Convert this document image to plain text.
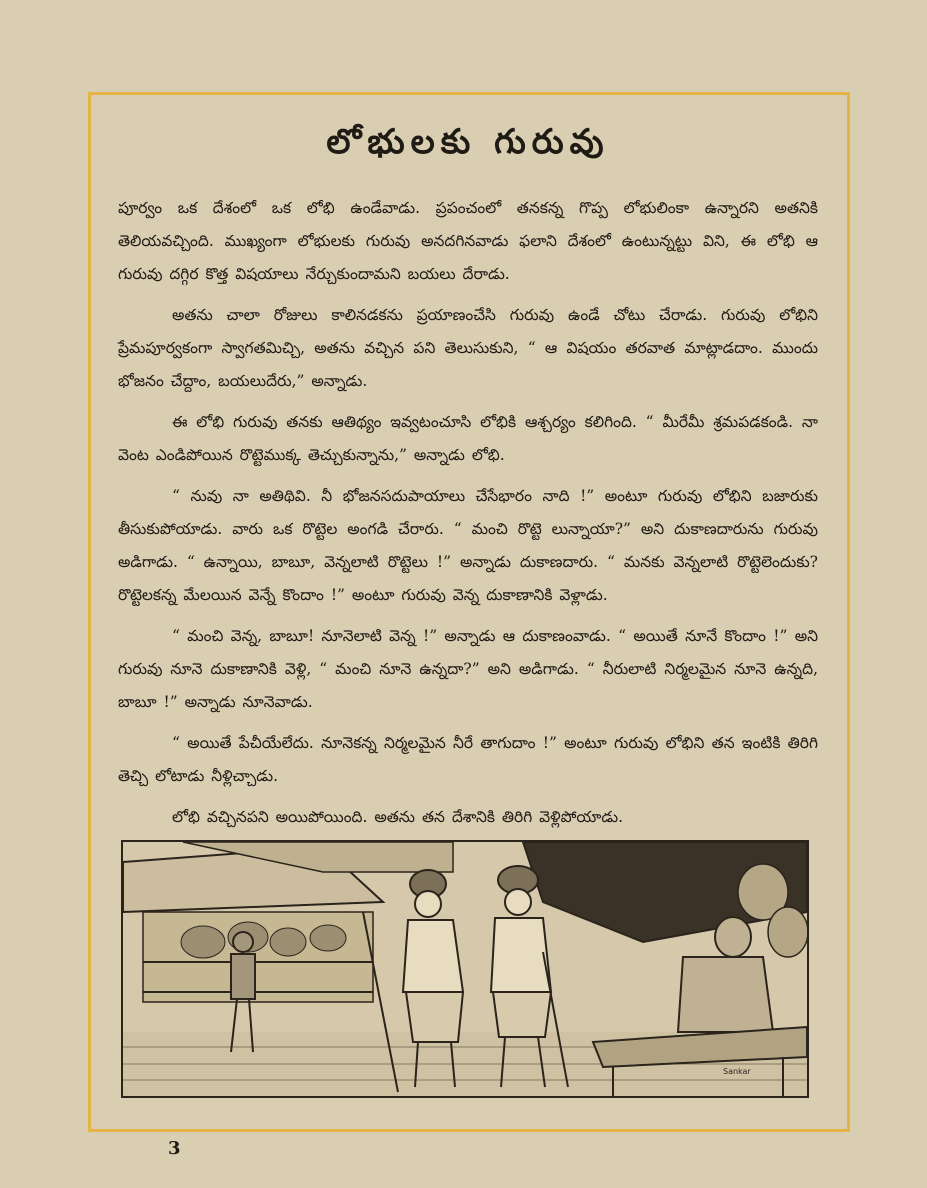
లోభులకు గురువు

పూర్వం ఒక దేశంలో ఒక లోభి ఉండేవాడు. ప్రపంచంలో తనకన్న గొప్ప లోభులింకా ఉన్నారని అతనికి తెలియవచ్చింది. ముఖ్యంగా లోభులకు గురువు అనదగినవాడు ఫలాని దేశంలో ఉంటున్నట్టు విని, ఈ లోభి ఆ గురువు దగ్గిర కొత్త విషయాలు నేర్చుకుందామని బయలు దేరాడు.

అతను చాలా రోజులు కాలినడకను ప్రయాణంచేసి గురువు ఉండే చోటు చేరాడు. గురువు లోభిని ప్రేమపూర్వకంగా స్వాగతమిచ్చి, అతను వచ్చిన పని తెలుసుకుని, “ ఆ విషయం తరవాత మాట్లాడదాం. ముందు భోజనం చేద్దాం, బయలుదేరు,” అన్నాడు.

ఈ లోభి గురువు తనకు ఆతిథ్యం ఇవ్వటంచూసి లోభికి ఆశ్చర్యం కలిగింది. “ మీరేమీ శ్రమపడకండి. నా వెంట ఎండిపోయిన రొట్టెముక్క తెచ్చుకున్నాను,” అన్నాడు లోభి.

“ నువు నా అతిథివి. నీ భోజనసదుపాయాలు చేసేభారం నాది !” అంటూ గురువు లోభిని బజారుకు తీసుకుపోయాడు. వారు ఒక రొట్టెల అంగడి చేరారు. “ మంచి రొట్టె లున్నాయా?” అని దుకాణదారును గురువు అడిగాడు. “ ఉన్నాయి, బాబూ, వెన్నలాటి రొట్టెలు !” అన్నాడు దుకాణదారు. “ మనకు వెన్నలాటి రొట్టెలెందుకు? రొట్టెలకన్న మేలయిన వెన్నే కొందాం !” అంటూ గురువు వెన్న దుకాణానికి వెళ్లాడు.

“ మంచి వెన్న, బాబూ! నూనెలాటి వెన్న !” అన్నాడు ఆ దుకాణంవాడు. “ అయితే నూనే కొందాం !” అని గురువు నూనె దుకాణానికి వెళ్లి, “ మంచి నూనె ఉన్నదా?” అని అడిగాడు. “ నీరులాటి నిర్మలమైన నూనె ఉన్నది, బాబూ !” అన్నాడు నూనెవాడు.

“ అయితే పేచీయేలేదు. నూనెకన్న నిర్మలమైన నీరే తాగుదాం !” అంటూ గురువు లోభిని తన ఇంటికి తిరిగి తెచ్చి లోటాడు నీళ్లిచ్చాడు.

లోభి వచ్చినపని అయిపోయింది. అతను తన దేశానికి తిరిగి వెళ్లిపోయాడు.

Sankar
3
